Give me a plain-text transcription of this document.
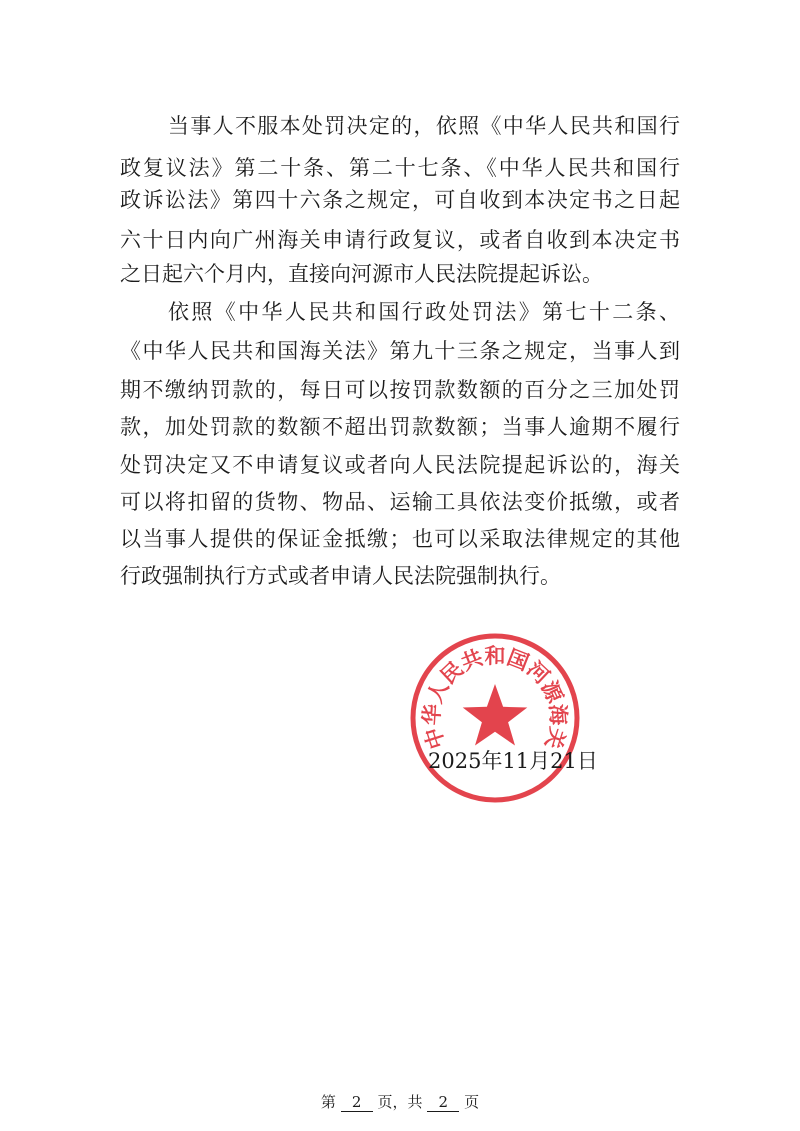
当事人不服本处罚决定的，依照《中华人民共和国行
政复议法》第二十条、第二十七条、《中华人民共和国行
政诉讼法》第四十六条之规定，可自收到本决定书之日起
六十日内向广州海关申请行政复议，或者自收到本决定书
之日起六个月内，直接向河源市人民法院提起诉讼。
依照《中华人民共和国行政处罚法》第七十二条、
《中华人民共和国海关法》第九十三条之规定，当事人到
期不缴纳罚款的，每日可以按罚款数额的百分之三加处罚
款，加处罚款的数额不超出罚款数额；当事人逾期不履行
处罚决定又不申请复议或者向人民法院提起诉讼的，海关
可以将扣留的货物、物品、运输工具依法变价抵缴，或者
以当事人提供的保证金抵缴；也可以采取法律规定的其他
行政强制执行方式或者申请人民法院强制执行。
中华人民共和国河源海关
2025年11月21日
第 2 页，共 2 页
